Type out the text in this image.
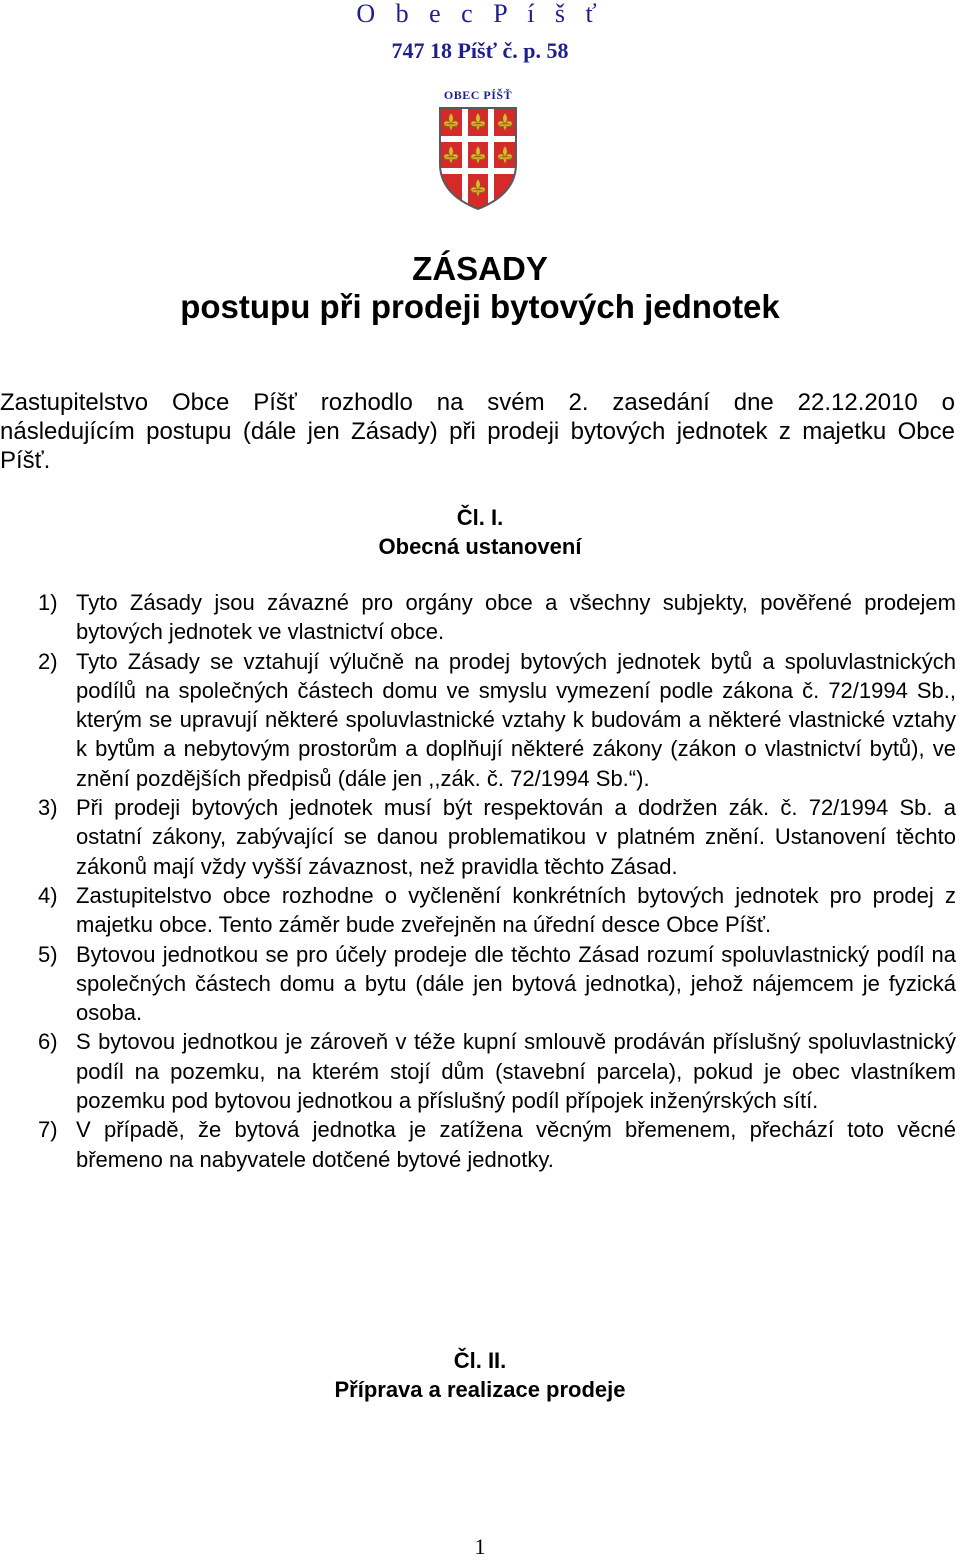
O b e c P í š ť
747 18 Píšť č. p. 58
OBEC PÍŠŤ
ZÁSADY
postupu při prodeji bytových jednotek
Zastupitelstvo Obce Píšť rozhodlo na svém 2. zasedání dne 22.12.2010 o
následujícím postupu (dále jen Zásady) při prodeji bytových jednotek z majetku Obce
Píšť.
Čl. I.
Obecná ustanovení
1) Tyto Zásady jsou závazné pro orgány obce a všechny subjekty, pověřené prodejem bytových jednotek ve vlastnictví obce.
2) Tyto Zásady se vztahují výlučně na prodej bytových jednotek bytů a spoluvlastnických podílů na společných částech domu ve smyslu vymezení podle zákona č. 72/1994 Sb., kterým se upravují některé spoluvlastnické vztahy k budovám a některé vlastnické vztahy k bytům a nebytovým prostorům a doplňují některé zákony (zákon o vlastnictví bytů), ve znění pozdějších předpisů (dále jen ,,zák. č. 72/1994 Sb.“).
3) Při prodeji bytových jednotek musí být respektován a dodržen zák. č. 72/1994 Sb. a ostatní zákony, zabývající se danou problematikou v platném znění. Ustanovení těchto zákonů mají vždy vyšší závaznost, než pravidla těchto Zásad.
4) Zastupitelstvo obce rozhodne o vyčlenění konkrétních bytových jednotek pro prodej z majetku obce. Tento záměr bude zveřejněn na úřední desce Obce Píšť.
5) Bytovou jednotkou se pro účely prodeje dle těchto Zásad rozumí spoluvlastnický podíl na společných částech domu a bytu (dále jen bytová jednotka), jehož nájemcem je fyzická osoba.
6) S bytovou jednotkou je zároveň v téže kupní smlouvě prodáván příslušný spoluvlastnický podíl na pozemku, na kterém stojí dům (stavební parcela), pokud je obec vlastníkem pozemku pod bytovou jednotkou a příslušný podíl přípojek inženýrských sítí.
7) V případě, že bytová jednotka je zatížena věcným břemenem, přechází toto věcné břemeno na nabyvatele dotčené bytové jednotky.
Čl. II.
Příprava a realizace prodeje
1
